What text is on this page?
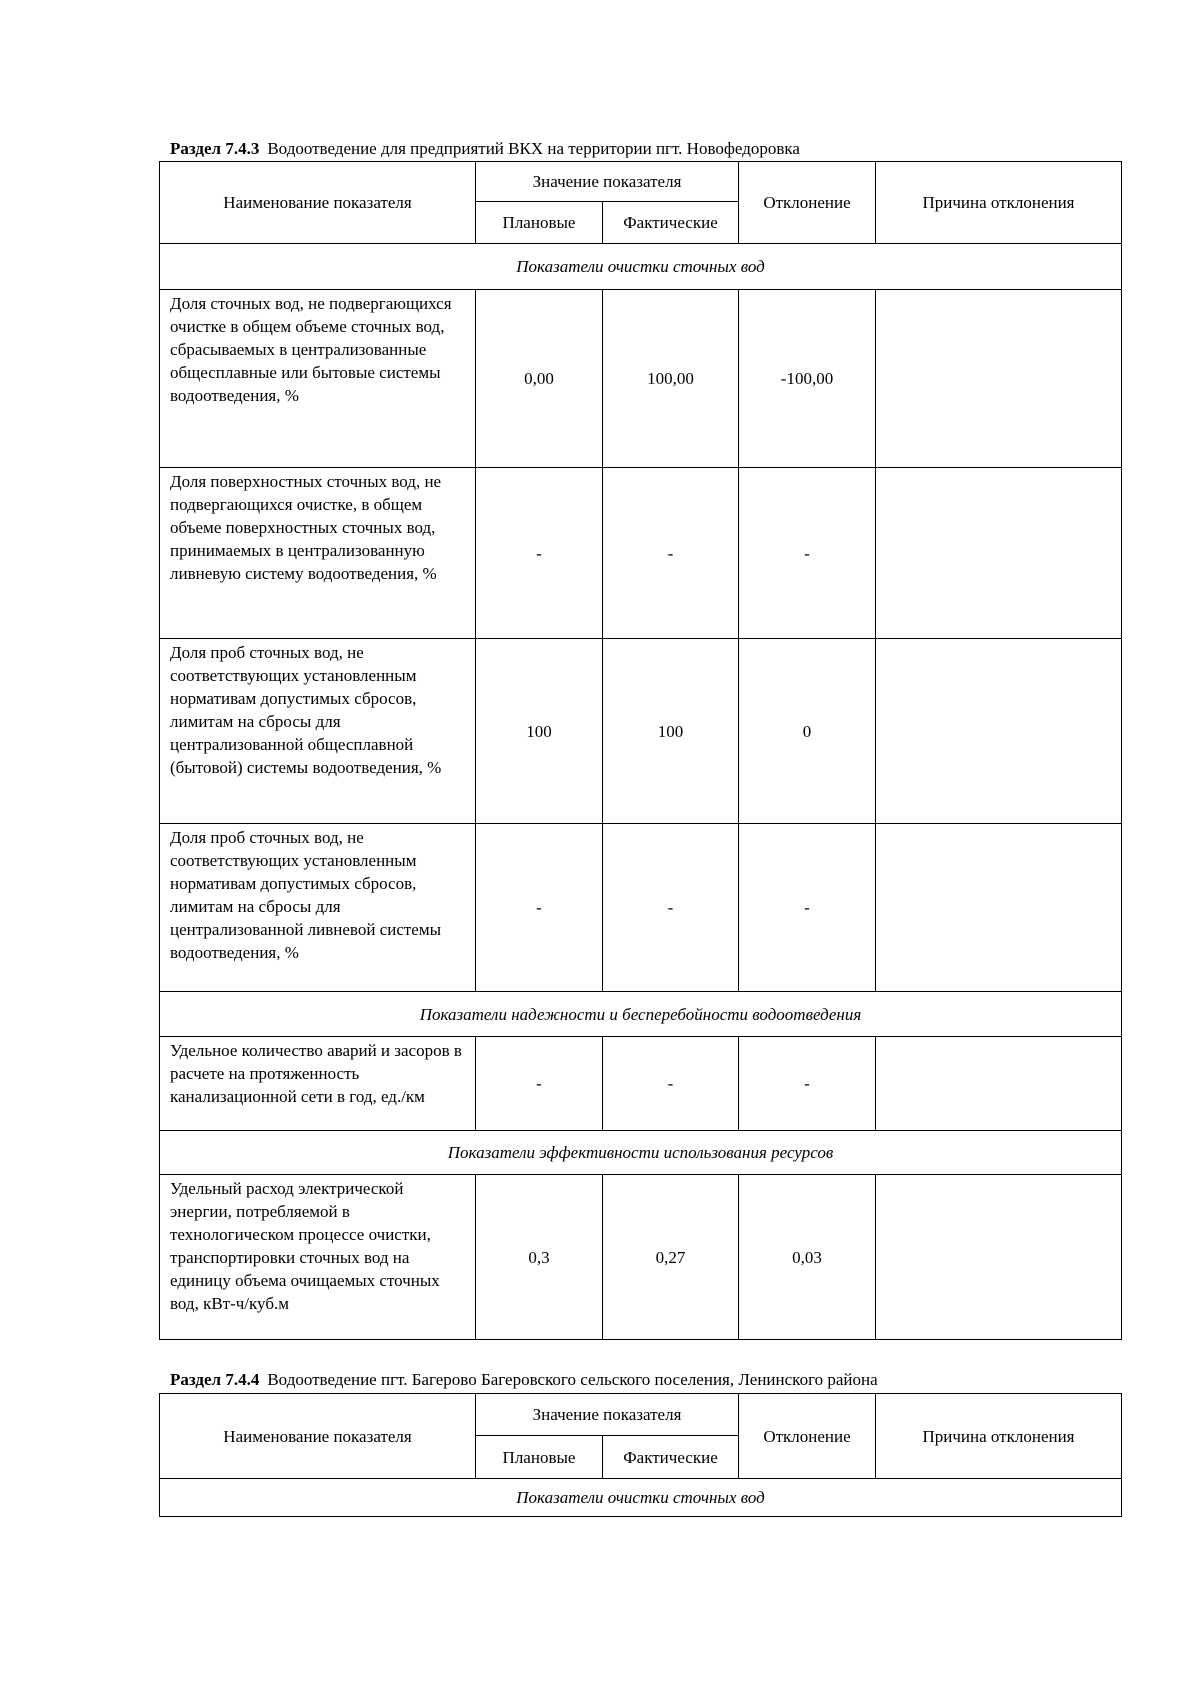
Раздел 7.4.3 Водоотведение для предприятий ВКХ на территории пгт. Новофедоровка
Наименование показателя	Значение показателя		Отклонение	Причина отклонения
	Плановые	Фактические		
Показатели очистки сточных вод				
Доля сточных вод, не подвергающихся очистке в общем объеме сточных вод, сбрасываемых в централизованные общесплавные или бытовые системы водоотведения, %	0,00	100,00	-100,00	
Доля поверхностных сточных вод, не подвергающихся очистке, в общем объеме поверхностных сточных вод, принимаемых в централизованную ливневую систему водоотведения, %	-	-	-	
Доля проб сточных вод, не соответствующих установленным нормативам допустимых сбросов, лимитам на сбросы для централизованной общесплавной (бытовой) системы водоотведения, %	100	100	0	
Доля проб сточных вод, не соответствующих установленным нормативам допустимых сбросов, лимитам на сбросы для централизованной ливневой системы водоотведения, %	-	-	-	
Показатели надежности и бесперебойности водоотведения				
Удельное количество аварий и засоров в расчете на протяженность канализационной сети в год, ед./км	-	-	-	
Показатели эффективности использования ресурсов				
Удельный расход электрической энергии, потребляемой в технологическом процессе очистки, транспортировки сточных вод на единицу объема очищаемых сточных вод, кВт-ч/куб.м	0,3	0,27	0,03	
Раздел 7.4.4 Водоотведение пгт. Багерово Багеровского сельского поселения, Ленинского района
Наименование показателя	Значение показателя		Отклонение	Причина отклонения
	Плановые	Фактические		
Показатели очистки сточных вод				
